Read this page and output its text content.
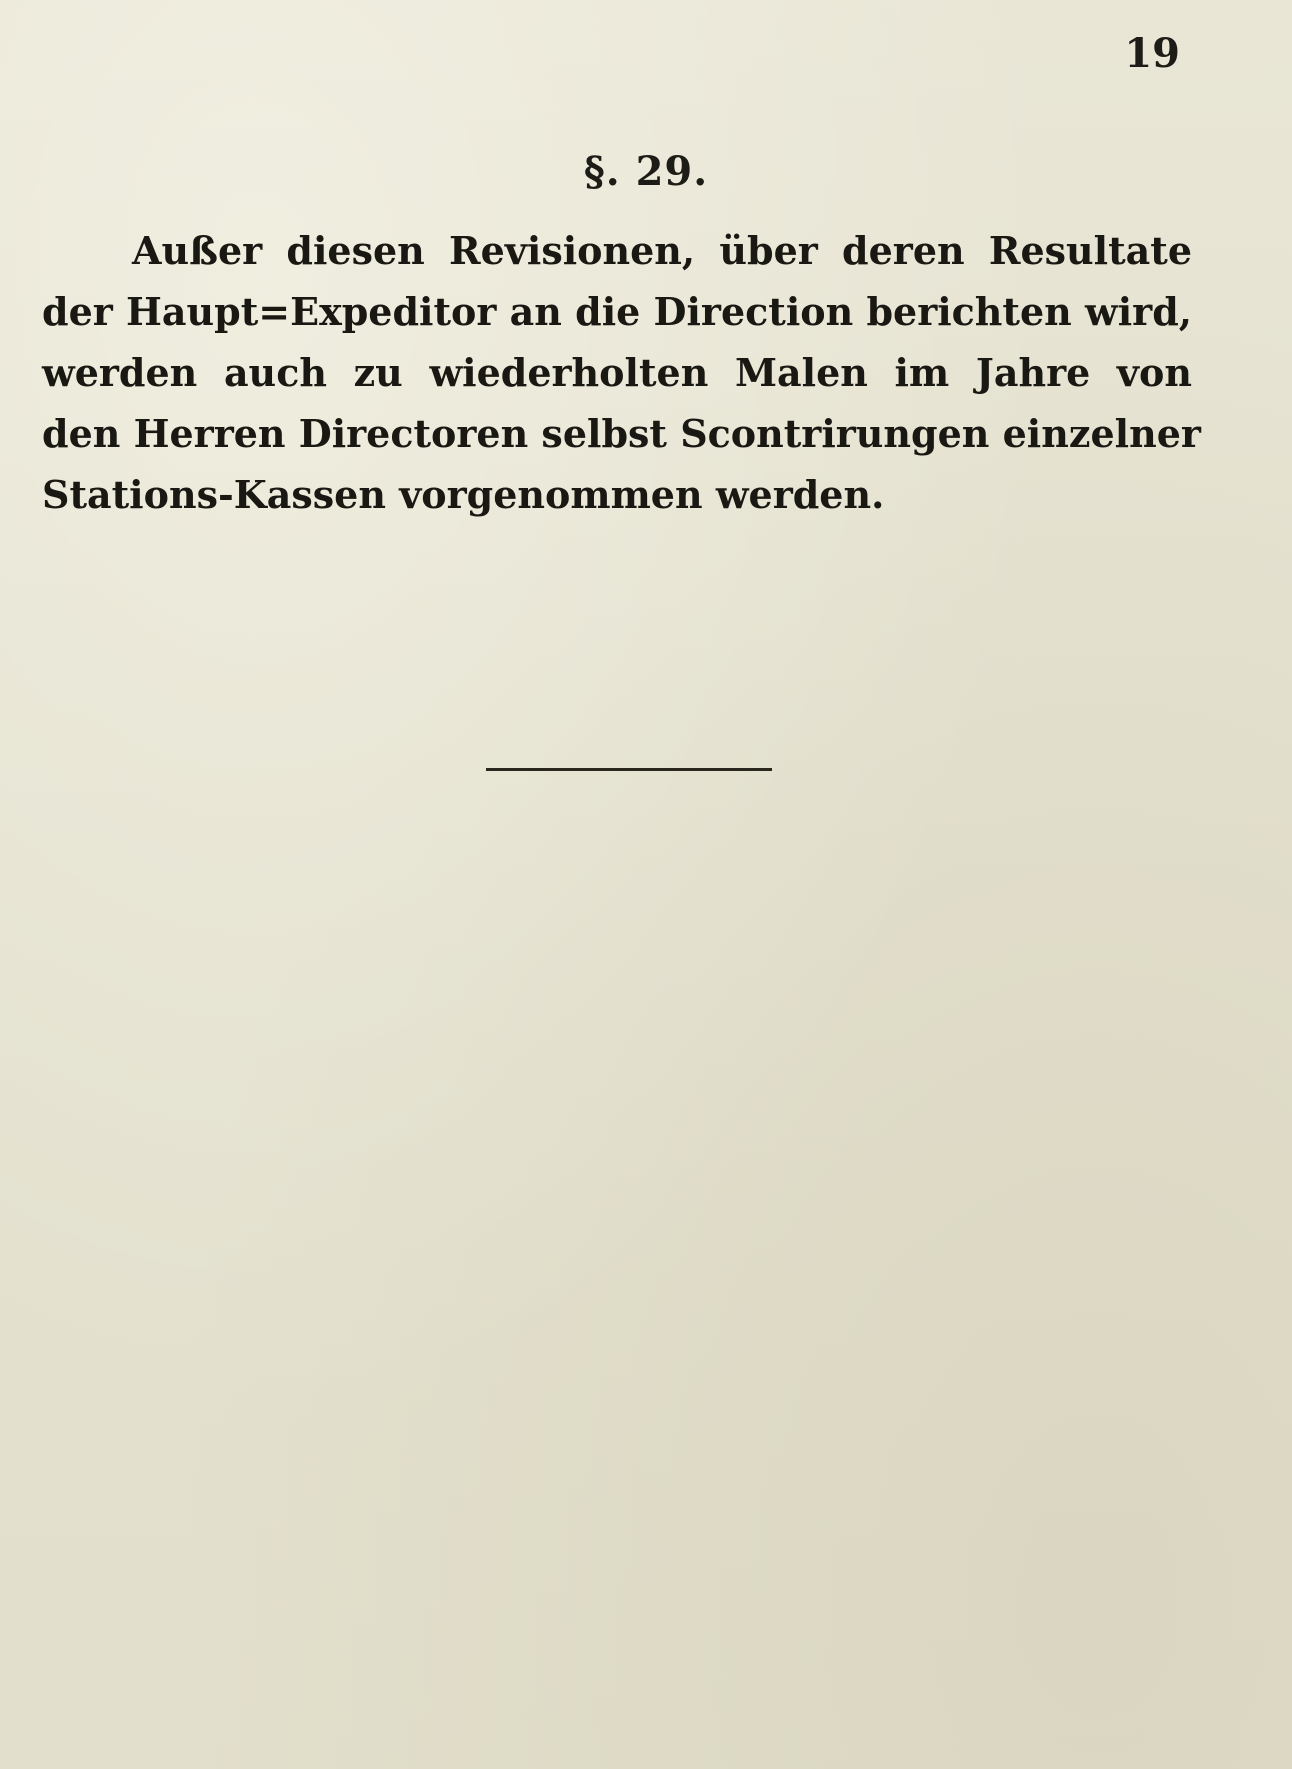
19
§. 29.
Außer diesen Revisionen, über deren Resultate
der Haupt=Expeditor an die Direction berichten wird,
werden auch zu wiederholten Malen im Jahre von
den Herren Directoren selbst Scontrirungen einzelner
Stations-Kassen vorgenommen werden.
